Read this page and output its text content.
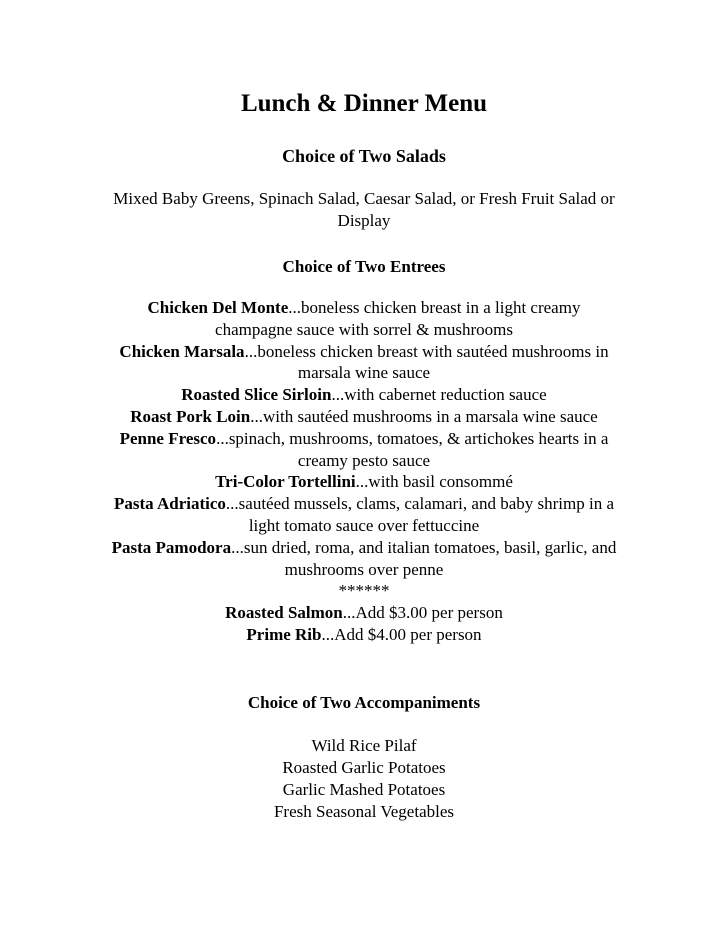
Lunch & Dinner Menu
Choice of Two Salads

Mixed Baby Greens, Spinach Salad, Caesar Salad, or Fresh Fruit Salad or Display

Choice of Two Entrees

Chicken Del Monte...boneless chicken breast in a light creamy champagne sauce with sorrel & mushrooms

Chicken Marsala...boneless chicken breast with sautéed mushrooms in marsala wine sauce

Roasted Slice Sirloin...with cabernet reduction sauce

Roast Pork Loin...with sautéed mushrooms in a marsala wine sauce

Penne Fresco...spinach, mushrooms, tomatoes, & artichokes hearts in a creamy pesto sauce

Tri-Color Tortellini...with basil consommé

Pasta Adriatico...sautéed mussels, clams, calamari, and baby shrimp in a light tomato sauce over fettuccine

Pasta Pamodora...sun dried, roma, and italian tomatoes, basil, garlic, and mushrooms over penne

******

Roasted Salmon...Add $3.00 per person

Prime Rib...Add $4.00 per person

Choice of Two Accompaniments
Wild Rice Pilaf
Roasted Garlic Potatoes
Garlic Mashed Potatoes
Fresh Seasonal Vegetables
